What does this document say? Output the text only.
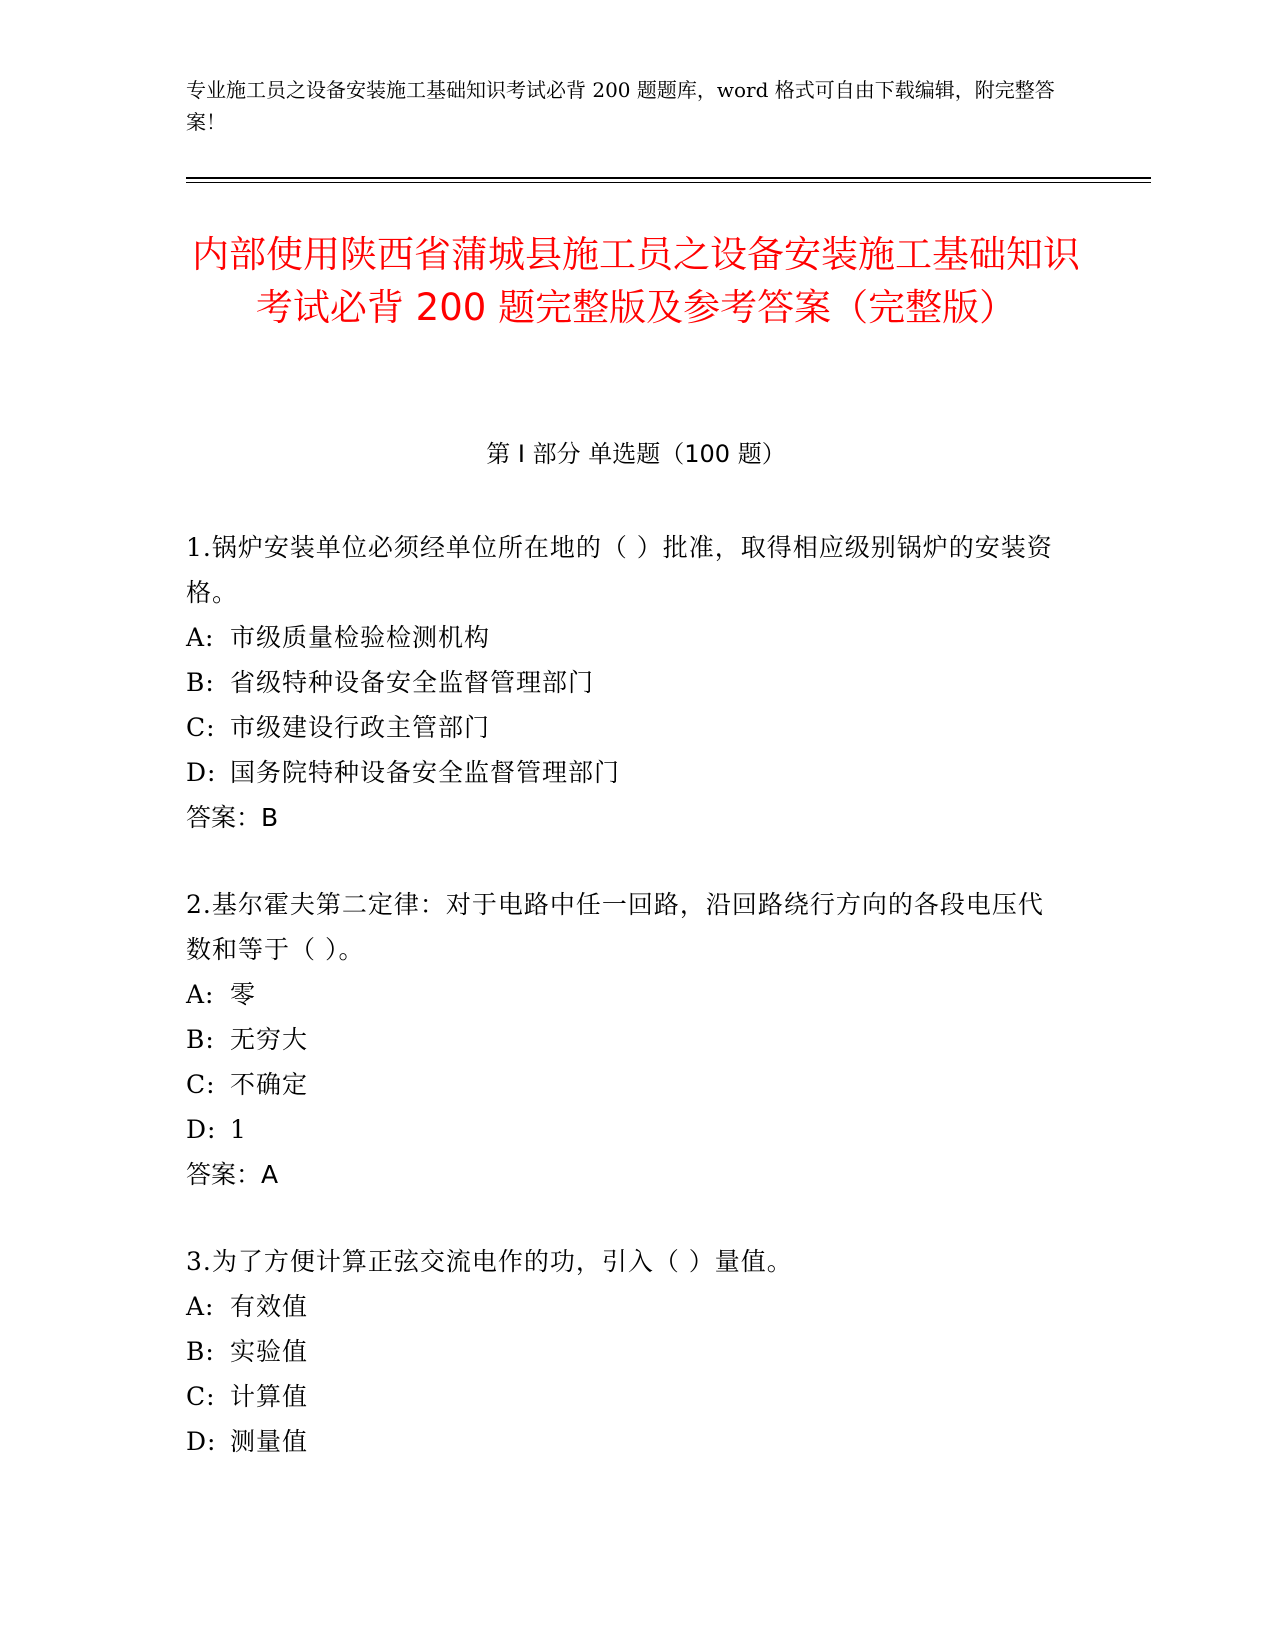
专业施工员之设备安装施工基础知识考试必背 200 题题库，word 格式可自由下载编辑，附完整答案！
内部使用陕西省蒲城县施工员之设备安装施工基础知识考试必背 200 题完整版及参考答案（完整版）
第 I 部分 单选题（100 题）
1.锅炉安装单位必须经单位所在地的（ ）批准，取得相应级别锅炉的安装资格。
A: 市级质量检验检测机构
B: 省级特种设备安全监督管理部门
C: 市级建设行政主管部门
D: 国务院特种设备安全监督管理部门
答案：B
2.基尔霍夫第二定律：对于电路中任一回路，沿回路绕行方向的各段电压代数和等于（ ）。
A: 零
B: 无穷大
C: 不确定
D: 1
答案：A
3.为了方便计算正弦交流电作的功，引入（ ）量值。
A: 有效值
B: 实验值
C: 计算值
D: 测量值
